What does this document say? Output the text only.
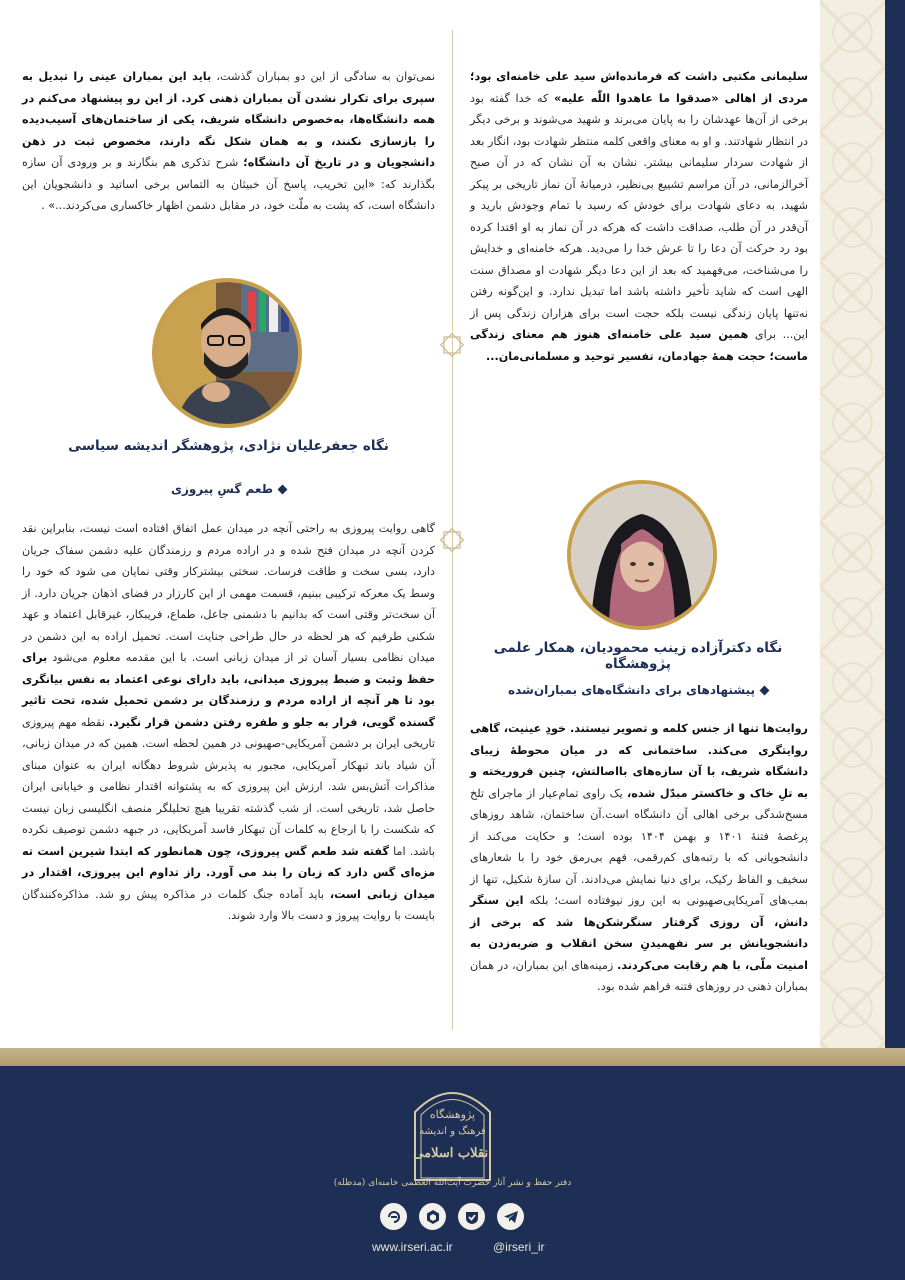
سلیمانی مکتبی داشت که فرمانده‌اش سید علی خامنه‌ای بود؛ مردی از اهالی «صدقوا ما عاهدوا اللّٰه علیه» که خدا گفته بود برخی از آن‌ها عهدشان را به پایان می‌برند و شهید می‌شوند و برخی دیگر در انتظار شهادتند. و او به معنای واقعی کلمه منتظر شهادت بود، انگار بعد از شهادت سردار سلیمانی بیشتر. نشان به آن نشان که در آن صبح آخرالزمانی، در آن مراسم تشییع بی‌نظیر، درمیانهٔ آن نماز تاریخی بر پیکر شهید، به دعای شهادت برای خودش که رسید با تمام وجودش بارید و آن‌قدر در آن طلب، صداقت داشت که هرکه در آن نماز به او اقتدا کرده بود رد حرکت آن دعا را تا عرش خدا را می‌دید. هرکه خامنه‌ای و خدایش را می‌شناخت، می‌فهمید که بعد از این دعا دیگر شهادت او مصداق سنت الهی است که شاید تأخیر داشته باشد اما تبدیل ندارد. و این‌گونه رفتن نه‌تنها پایان زندگی نیست بلکه حجت است برای هزاران زندگی پس از این... برای همین سید علی خامنه‌ای هنوز هم معنای زندگی ماست؛ حجت همهٔ جهادمان، تفسیر توحید و مسلمانی‌مان...
نمی‌توان به سادگی از این دو بمباران گذشت، باید این بمباران عینی را تبدیل به سپری برای تکرار نشدن آن بمباران ذهنی کرد. از این رو پیشنهاد می‌کنم در همه دانشگاه‌ها، به‌خصوص دانشگاه شریف، یکی از ساختمان‌های آسیب‌دیده را بازسازی نکنند، و به همان شکل نگه دارند، مخصوص ثبت در ذهن دانشجویان و در تاریخ آن دانشگاه؛ شرح تذکری هم بنگارند و بر ورودی آن سازه بگذارند که: «این تخریب، پاسخ آن خبیثان به التماس برخی اساتید و دانشجویان این دانشگاه است، که پشت به ملّت خود، در مقابل دشمن اظهار خاکساری می‌کردند...» .
نگاه جعفرعلیان نژادی، پژوهشگر اندیشه سیاسی
طعم گسِ پیروزی
گاهی روایت پیروزی به راحتی آنچه در میدان عمل اتفاق افتاده است نیست، بنابراین نقد کردن آنچه در میدان فتح شده و در اراده مردم و رزمندگان علیه دشمن سفاک جریان دارد، بسی سخت و طاقت فرسات. سختی بیشترکار وقتی نمایان می شود که خود را وسط یک معرکه ترکیبی ببنیم، قسمت مهمی از این کارزار در فضای اذهان جریان دارد. از آن سخت‌تر وقتی است که بدانیم با دشمنی جاعل، طماع، فریبکار، غیرقابل اعتماد و عهد شکنی طرفیم که هر لحظه در حال طراحی جنایت است. تحمیل اراده به این دشمن در میدان نظامی بسیار آسان تر از میدان زبانی است. با این مقدمه معلوم می‌شود برای حفظ وثبت و ضبط پیروزی میدانی، باید دارای نوعی اعتماد به نفس بیانگری بود تا هر آنچه از اراده مردم و رزمندگان بر دشمن تحمیل شده، تحت تاثیر گسنده گویی، فرار به جلو و طفره رفتن دشمن قرار نگیرد. نقطه مهم پیروزی تاریخی ایران بر دشمن آمریکایی-صهیونی در همین لحظه است. همین که در میدان زبانی، آن شیاد باند تبهکار آمریکایی، مجبور به پذیرش شروط دهگانه ایران به عنوان مبنای مذاکرات آتش‌بس شد. ارزش این پیروزی که به پشتوانه اقتدار نظامی و خیابانی ایران حاصل شد، تاریخی است. از شب گذشته تقریبا هیچ تحلیلگر منصف انگلیسی زبان نیست که شکست را با ارجاع به کلمات آن تبهکار فاسد آمریکایی، در جبهه دشمن توصیف نکرده باشد. اما گفته شد طعم گس پیروزی، چون همانطور که ابتدا شیرین است ته مزه‌ای گس دارد که زبان را بند می آورد. راز تداوم این پیروزی، اقتدار در میدان زبانی است، باید آماده جنگ کلمات در مذاکره پیش رو شد. مذاکره‌کنندگان بایست با روایت پیروز و دست بالا وارد شوند.
نگاه دکترآزاده زینب محمودیان، همکار علمی پژوهشگاه
پیشنهادهای برای دانشگاه‌های بمباران‌شده
روایت‌ها تنها از جنس کلمه و تصویر نیستند. خودِ عینیت، گاهی روایتگری می‌کند. ساختمانی که در میان محوطهٔ زیبای دانشگاه شریف، با آن سازه‌های بااصالتش، چنین فروریخته و به تلِ خاک و خاکستر مبدّل شده، یک راوی تمام‌عیار از ماجرای تلخ مسخ‌شدگی برخی اهالی آن دانشگاه است.آن ساختمان، شاهد روزهای پرغصهٔ فتنهٔ ۱۴۰۱ و بهمن ۱۴۰۴ بوده است؛ و حکایت می‌کند از دانشجویانی که با رتبه‌های کم‌رقمی، فهم بی‌رمق خود را با شعارهای سخیف و الفاظ رکیک، برای دنیا نمایش می‌دادند. آن سازهٔ شکیل، تنها از بمب‌های آمریکایی‌صهیونی به این روز نیوفتاده است؛ بلکه این سنگر دانش، آن روزی گرفتار سنگرشکن‌ها شد که برخی از دانشجویانش بر سر نفهمیدنِ سخن انقلاب و ضربه‌زدن به امنیت ملّی، با هم رقابت می‌کردند. زمینه‌های این بمباران، در همان بمباران ذهنی در روزهای فتنه فراهم شده بود.
پژوهشگاه
فرهنگ و اندیشه
انقلاب اسلامی
دفتر حفظ و نشر آثار حضرت آیت‌الله العظمی خامنه‌ای (مدظله)
www.irseri.ac.ir	@irseri_ir
